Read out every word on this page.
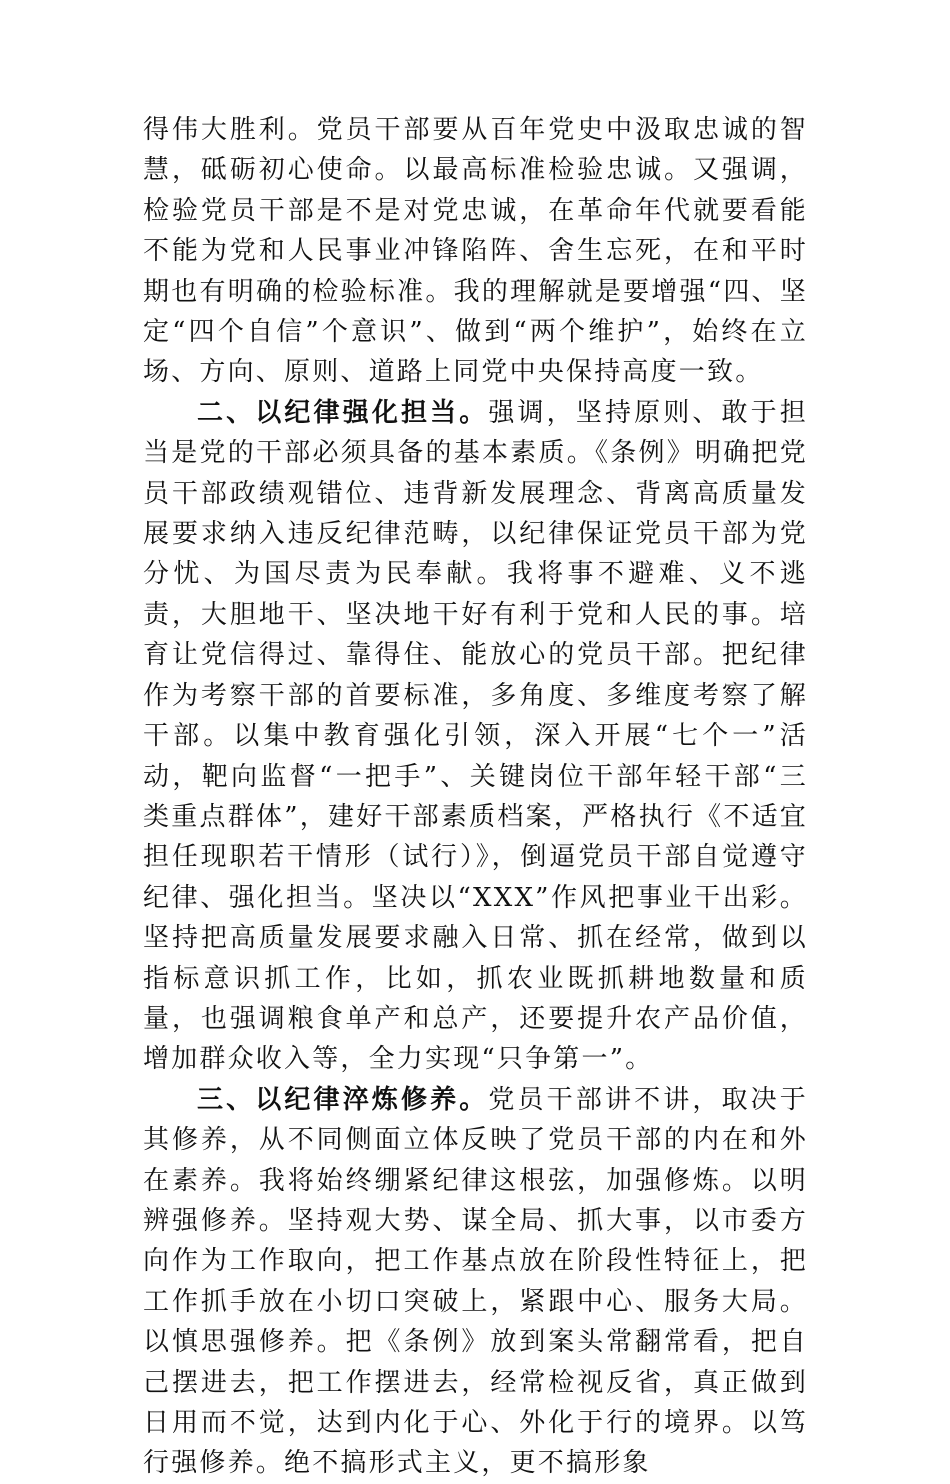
得伟大胜利。党员干部要从百年党史中汲取忠诚的智慧，砥砺初心使命。以最高标准检验忠诚。又强调，检验党员干部是不是对党忠诚，在革命年代就要看能不能为党和人民事业冲锋陷阵、舍生忘死，在和平时期也有明确的检验标准。我的理解就是要增强“四、坚定“四个自信”个意识”、做到“两个维护”，始终在立场、方向、原则、道路上同党中央保持高度一致。

二、以纪律强化担当。强调，坚持原则、敢于担当是党的干部必须具备的基本素质。《条例》明确把党员干部政绩观错位、违背新发展理念、背离高质量发展要求纳入违反纪律范畴，以纪律保证党员干部为党分忧、为国尽责为民奉献。我将事不避难、义不逃责，大胆地干、坚决地干好有利于党和人民的事。培育让党信得过、靠得住、能放心的党员干部。把纪律作为考察干部的首要标准，多角度、多维度考察了解干部。以集中教育强化引领，深入开展“七个一”活动，靶向监督“一把手”、关键岗位干部年轻干部“三类重点群体”，建好干部素质档案，严格执行《不适宜担任现职若干情形（试行）》，倒逼党员干部自觉遵守纪律、强化担当。坚决以“XXX”作风把事业干出彩。坚持把高质量发展要求融入日常、抓在经常，做到以指标意识抓工作，比如，抓农业既抓耕地数量和质量，也强调粮食单产和总产，还要提升农产品价值，增加群众收入等，全力实现“只争第一”。

三、以纪律淬炼修养。党员干部讲不讲，取决于其修养，从不同侧面立体反映了党员干部的内在和外在素养。我将始终绷紧纪律这根弦，加强修炼。以明辨强修养。坚持观大势、谋全局、抓大事，以市委方向作为工作取向，把工作基点放在阶段性特征上，把工作抓手放在小切口突破上，紧跟中心、服务大局。以慎思强修养。把《条例》放到案头常翻常看，把自己摆进去，把工作摆进去，经常检视反省，真正做到日用而不觉，达到内化于心、外化于行的境界。以笃行强修养。绝不搞形式主义，更不搞形象
